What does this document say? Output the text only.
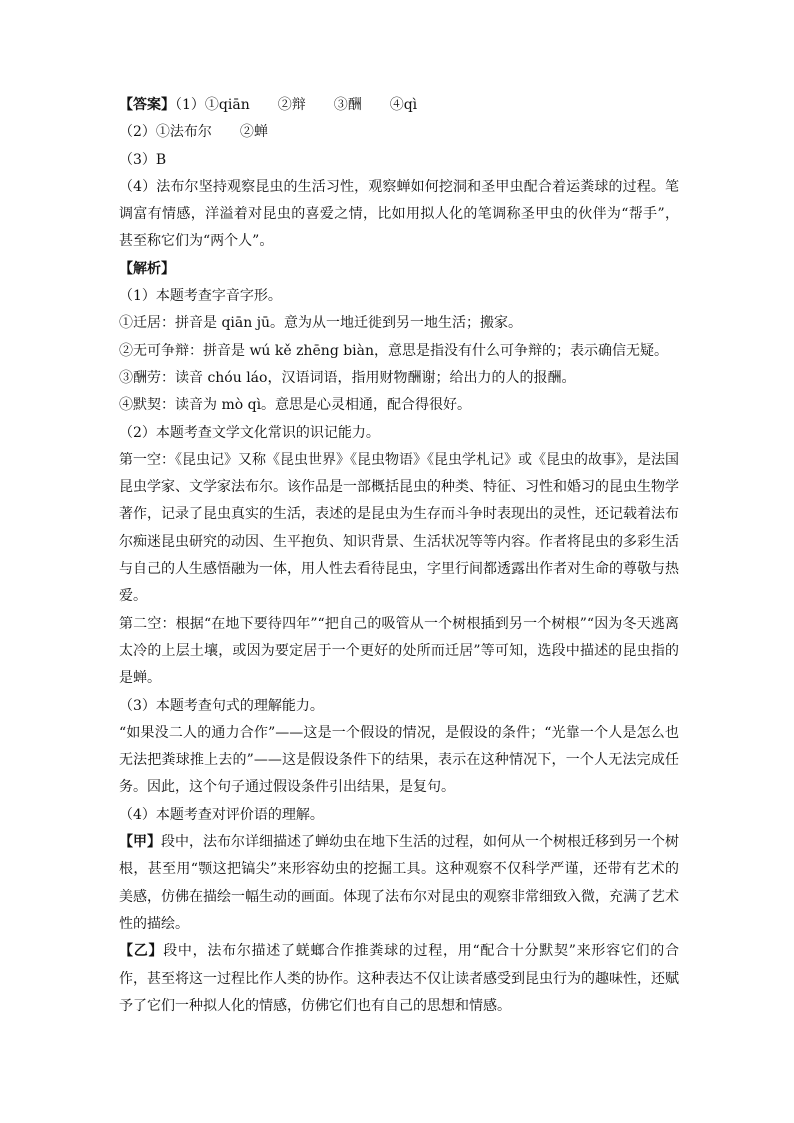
【答案】（1）①qiān　　②辩　　③酬　　④qì
（2）①法布尔　　②蝉
（3）B

（4）法布尔坚持观察昆虫的生活习性，观察蝉如何挖洞和圣甲虫配合着运粪球的过程。笔调富有情感，洋溢着对昆虫的喜爱之情，比如用拟人化的笔调称圣甲虫的伙伴为“帮手”，甚至称它们为“两个人”。

【解析】
（1）本题考查字音字形。
①迁居：拼音是 qiān jū。意为从一地迁徙到另一地生活；搬家。
②无可争辩：拼音是 wú kě zhēng biàn，意思是指没有什么可争辩的；表示确信无疑。
③酬劳：读音 chóu láo，汉语词语，指用财物酬谢；给出力的人的报酬。
④默契：读音为 mò qì。意思是心灵相通，配合得很好。
（2）本题考查文学文化常识的识记能力。

第一空：《昆虫记》又称《昆虫世界》《昆虫物语》《昆虫学札记》或《昆虫的故事》，是法国昆虫学家、文学家法布尔。该作品是一部概括昆虫的种类、特征、习性和婚习的昆虫生物学著作，记录了昆虫真实的生活，表述的是昆虫为生存而斗争时表现出的灵性，还记载着法布尔痴迷昆虫研究的动因、生平抱负、知识背景、生活状况等等内容。作者将昆虫的多彩生活与自己的人生感悟融为一体，用人性去看待昆虫，字里行间都透露出作者对生命的尊敬与热爱。

第二空：根据“在地下要待四年”“把自己的吸管从一个树根插到另一个树根”“因为冬天逃离太冷的上层土壤，或因为要定居于一个更好的处所而迁居”等可知，选段中描述的昆虫指的是蝉。

（3）本题考查句式的理解能力。

“如果没二人的通力合作”——这是一个假设的情况，是假设的条件；“光靠一个人是怎么也无法把粪球推上去的”——这是假设条件下的结果，表示在这种情况下，一个人无法完成任务。因此，这个句子通过假设条件引出结果，是复句。

（4）本题考查对评价语的理解。

【甲】段中，法布尔详细描述了蝉幼虫在地下生活的过程，如何从一个树根迁移到另一个树根，甚至用“颚这把镐尖”来形容幼虫的挖掘工具。这种观察不仅科学严谨，还带有艺术的美感，仿佛在描绘一幅生动的画面。体现了法布尔对昆虫的观察非常细致入微，充满了艺术性的描绘。

【乙】段中，法布尔描述了蜣螂合作推粪球的过程，用“配合十分默契”来形容它们的合作，甚至将这一过程比作人类的协作。这种表达不仅让读者感受到昆虫行为的趣味性，还赋予了它们一种拟人化的情感，仿佛它们也有自己的思想和情感。
